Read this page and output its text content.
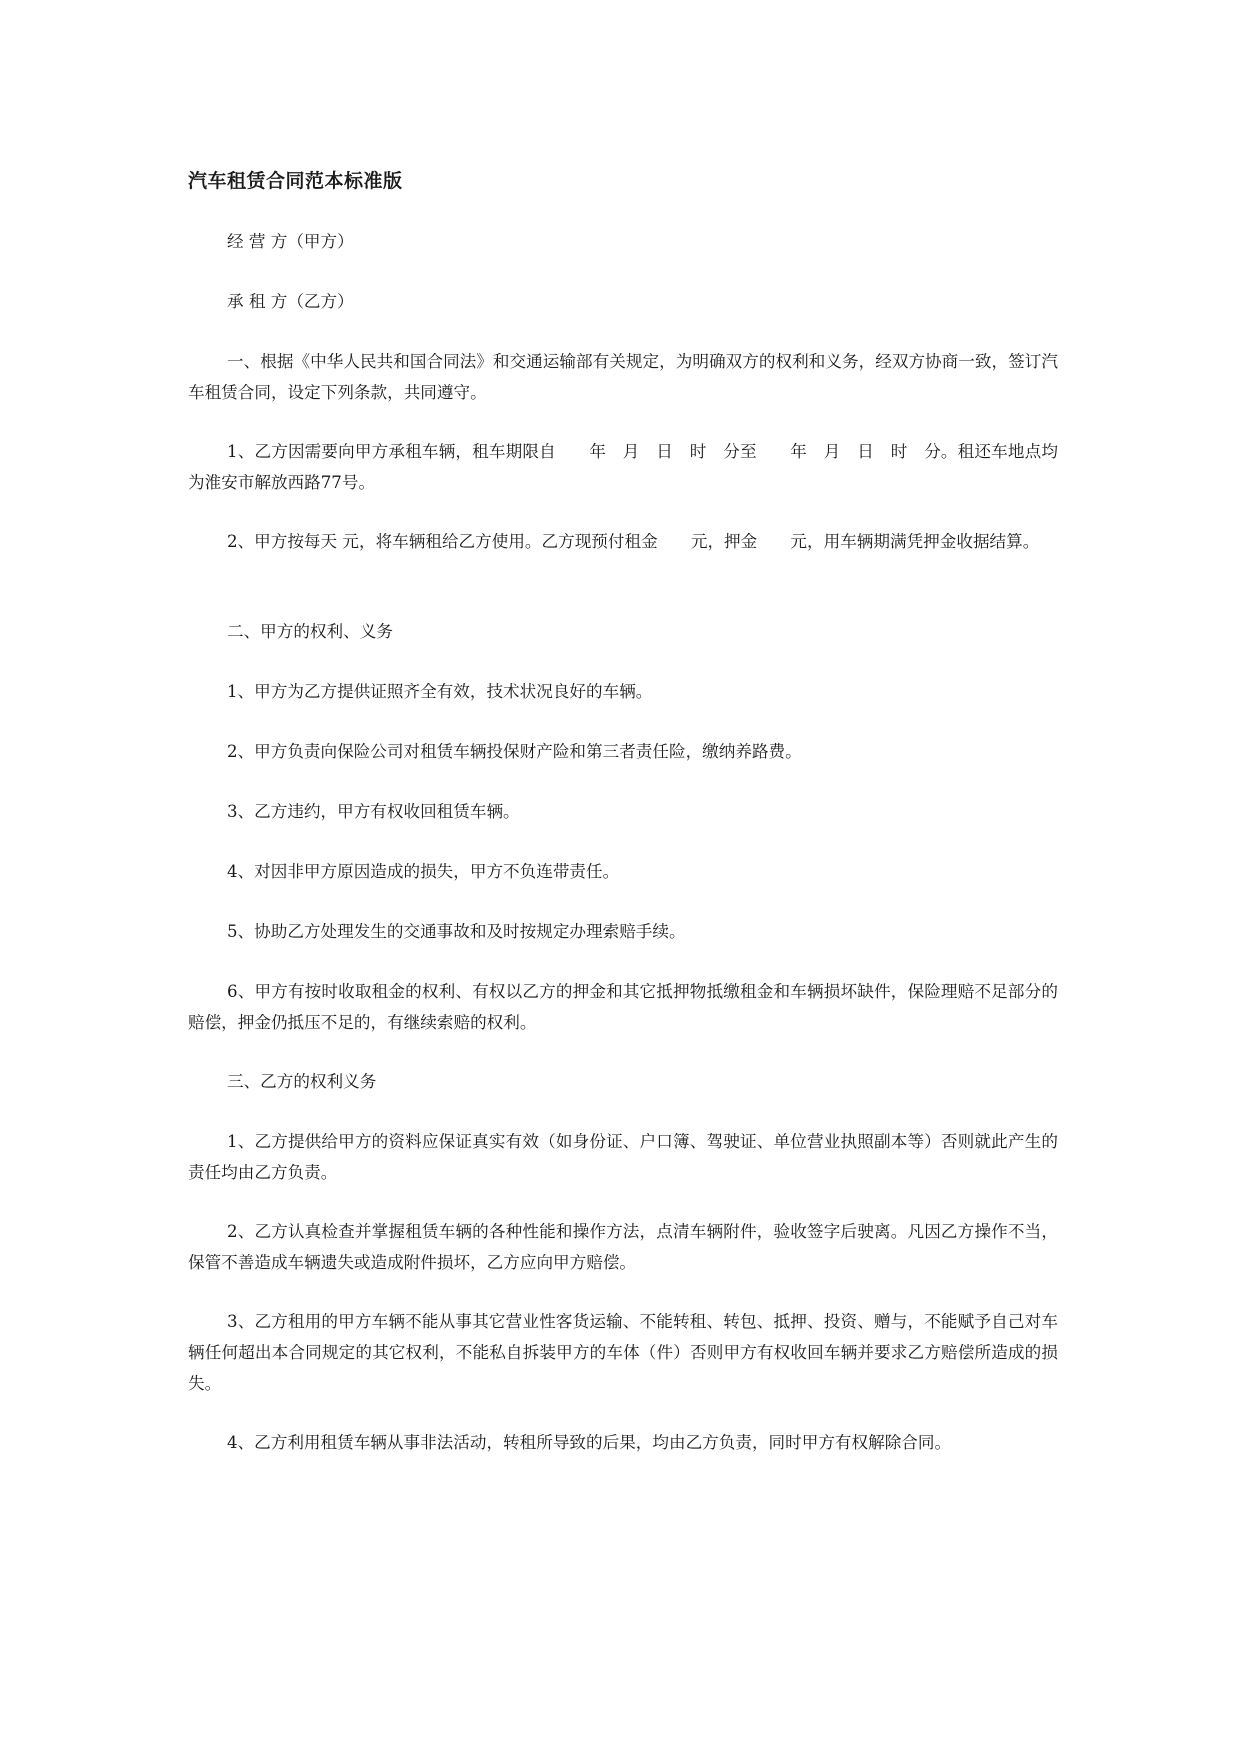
汽车租赁合同范本标准版

经 营 方（甲方）

承 租 方（乙方）

一、根据《中华人民共和国合同法》和交通运输部有关规定，为明确双方的权利和义务，经双方协商一致，签订汽车租赁合同，设定下列条款，共同遵守。

1、乙方因需要向甲方承租车辆，租车期限自　　年　月　日　时　分至　　年　月　日　时　分。租还车地点均为淮安市解放西路77号。

2、甲方按每天 元，将车辆租给乙方使用。乙方现预付租金　　元，押金　　元，用车辆期满凭押金收据结算。

二、甲方的权利、义务

1、甲方为乙方提供证照齐全有效，技术状况良好的车辆。

2、甲方负责向保险公司对租赁车辆投保财产险和第三者责任险，缴纳养路费。

3、乙方违约，甲方有权收回租赁车辆。

4、对因非甲方原因造成的损失，甲方不负连带责任。

5、协助乙方处理发生的交通事故和及时按规定办理索赔手续。

6、甲方有按时收取租金的权利、有权以乙方的押金和其它抵押物抵缴租金和车辆损坏缺件，保险理赔不足部分的赔偿，押金仍抵压不足的，有继续索赔的权利。

三、乙方的权利义务

1、乙方提供给甲方的资料应保证真实有效（如身份证、户口簿、驾驶证、单位营业执照副本等）否则就此产生的责任均由乙方负责。

2、乙方认真检查并掌握租赁车辆的各种性能和操作方法，点清车辆附件，验收签字后驶离。凡因乙方操作不当，保管不善造成车辆遗失或造成附件损坏，乙方应向甲方赔偿。

3、乙方租用的甲方车辆不能从事其它营业性客货运输、不能转租、转包、抵押、投资、赠与，不能赋予自己对车辆任何超出本合同规定的其它权利，不能私自拆装甲方的车体（件）否则甲方有权收回车辆并要求乙方赔偿所造成的损失。

4、乙方利用租赁车辆从事非法活动，转租所导致的后果，均由乙方负责，同时甲方有权解除合同。
